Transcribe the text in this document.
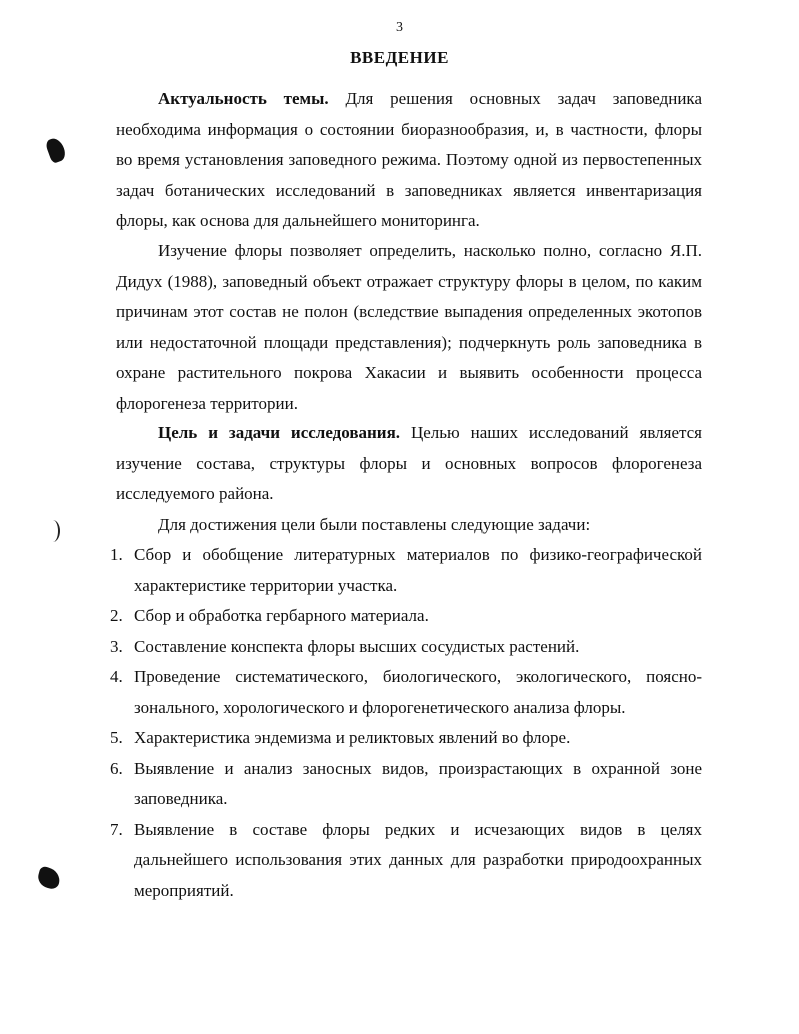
3
ВВЕДЕНИЕ

Актуальность темы. Для решения основных задач заповедника необходима информация о состоянии биоразнообразия, и, в частности, флоры во время установления заповедного режима. Поэтому одной из первостепенных задач ботанических исследований в заповедниках является инвентаризация флоры, как основа для дальнейшего мониторинга.

Изучение флоры позволяет определить, насколько полно, согласно Я.П. Дидух (1988), заповедный объект отражает структуру флоры в целом, по каким причинам этот состав не полон (вследствие выпадения определенных экотопов или недостаточной площади представления); подчеркнуть роль заповедника в охране растительного покрова Хакасии и выявить особенности процесса флорогенеза территории.

Цель и задачи исследования. Целью наших исследований является изучение состава, структуры флоры и основных вопросов флорогенеза исследуемого района.

Для достижения цели были поставлены следующие задачи:
1. Сбор и обобщение литературных материалов по физико-географической характеристике территории участка.
2. Сбор и обработка гербарного материала.
3. Составление конспекта флоры высших сосудистых растений.
4. Проведение систематического, биологического, экологического, поясно-зонального, хорологического и флорогенетического анализа флоры.
5. Характеристика эндемизма и реликтовых явлений во флоре.
6. Выявление и анализ заносных видов, произрастающих в охранной зоне заповедника.
7. Выявление в составе флоры редких и исчезающих видов в целях дальнейшего использования этих данных для разработки природоохранных мероприятий.
